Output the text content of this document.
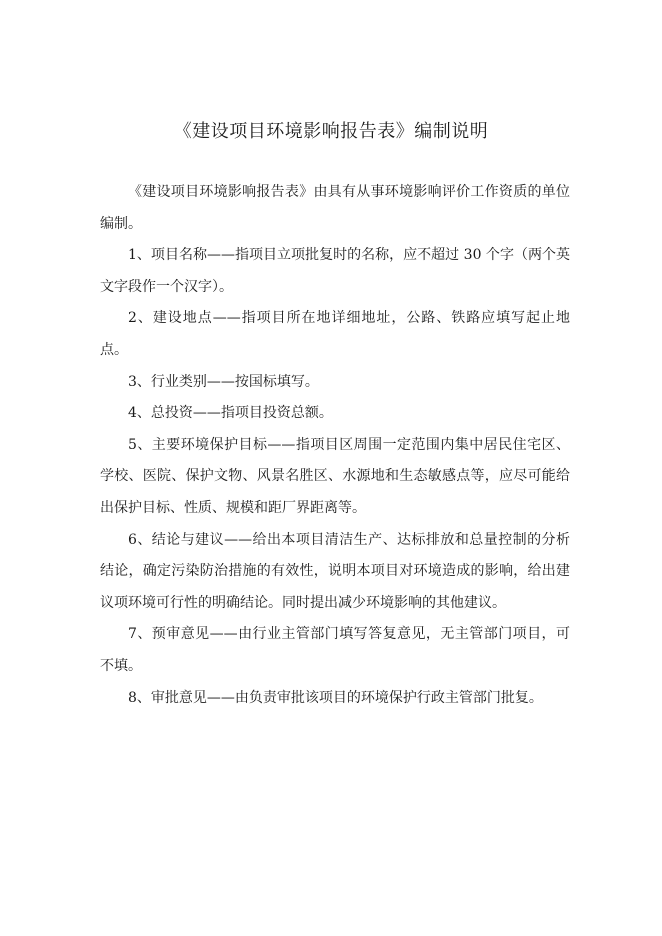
《建设项目环境影响报告表》编制说明

《建设项目环境影响报告表》由具有从事环境影响评价工作资质的单位编制。

1、项目名称——指项目立项批复时的名称，应不超过 30 个字（两个英文字段作一个汉字）。

2、建设地点——指项目所在地详细地址，公路、铁路应填写起止地点。

3、行业类别——按国标填写。

4、总投资——指项目投资总额。

5、主要环境保护目标——指项目区周围一定范围内集中居民住宅区、学校、医院、保护文物、风景名胜区、水源地和生态敏感点等，应尽可能给出保护目标、性质、规模和距厂界距离等。

6、结论与建议——给出本项目清洁生产、达标排放和总量控制的分析结论，确定污染防治措施的有效性，说明本项目对环境造成的影响，给出建议项环境可行性的明确结论。同时提出减少环境影响的其他建议。

7、预审意见——由行业主管部门填写答复意见，无主管部门项目，可不填。

8、审批意见——由负责审批该项目的环境保护行政主管部门批复。
